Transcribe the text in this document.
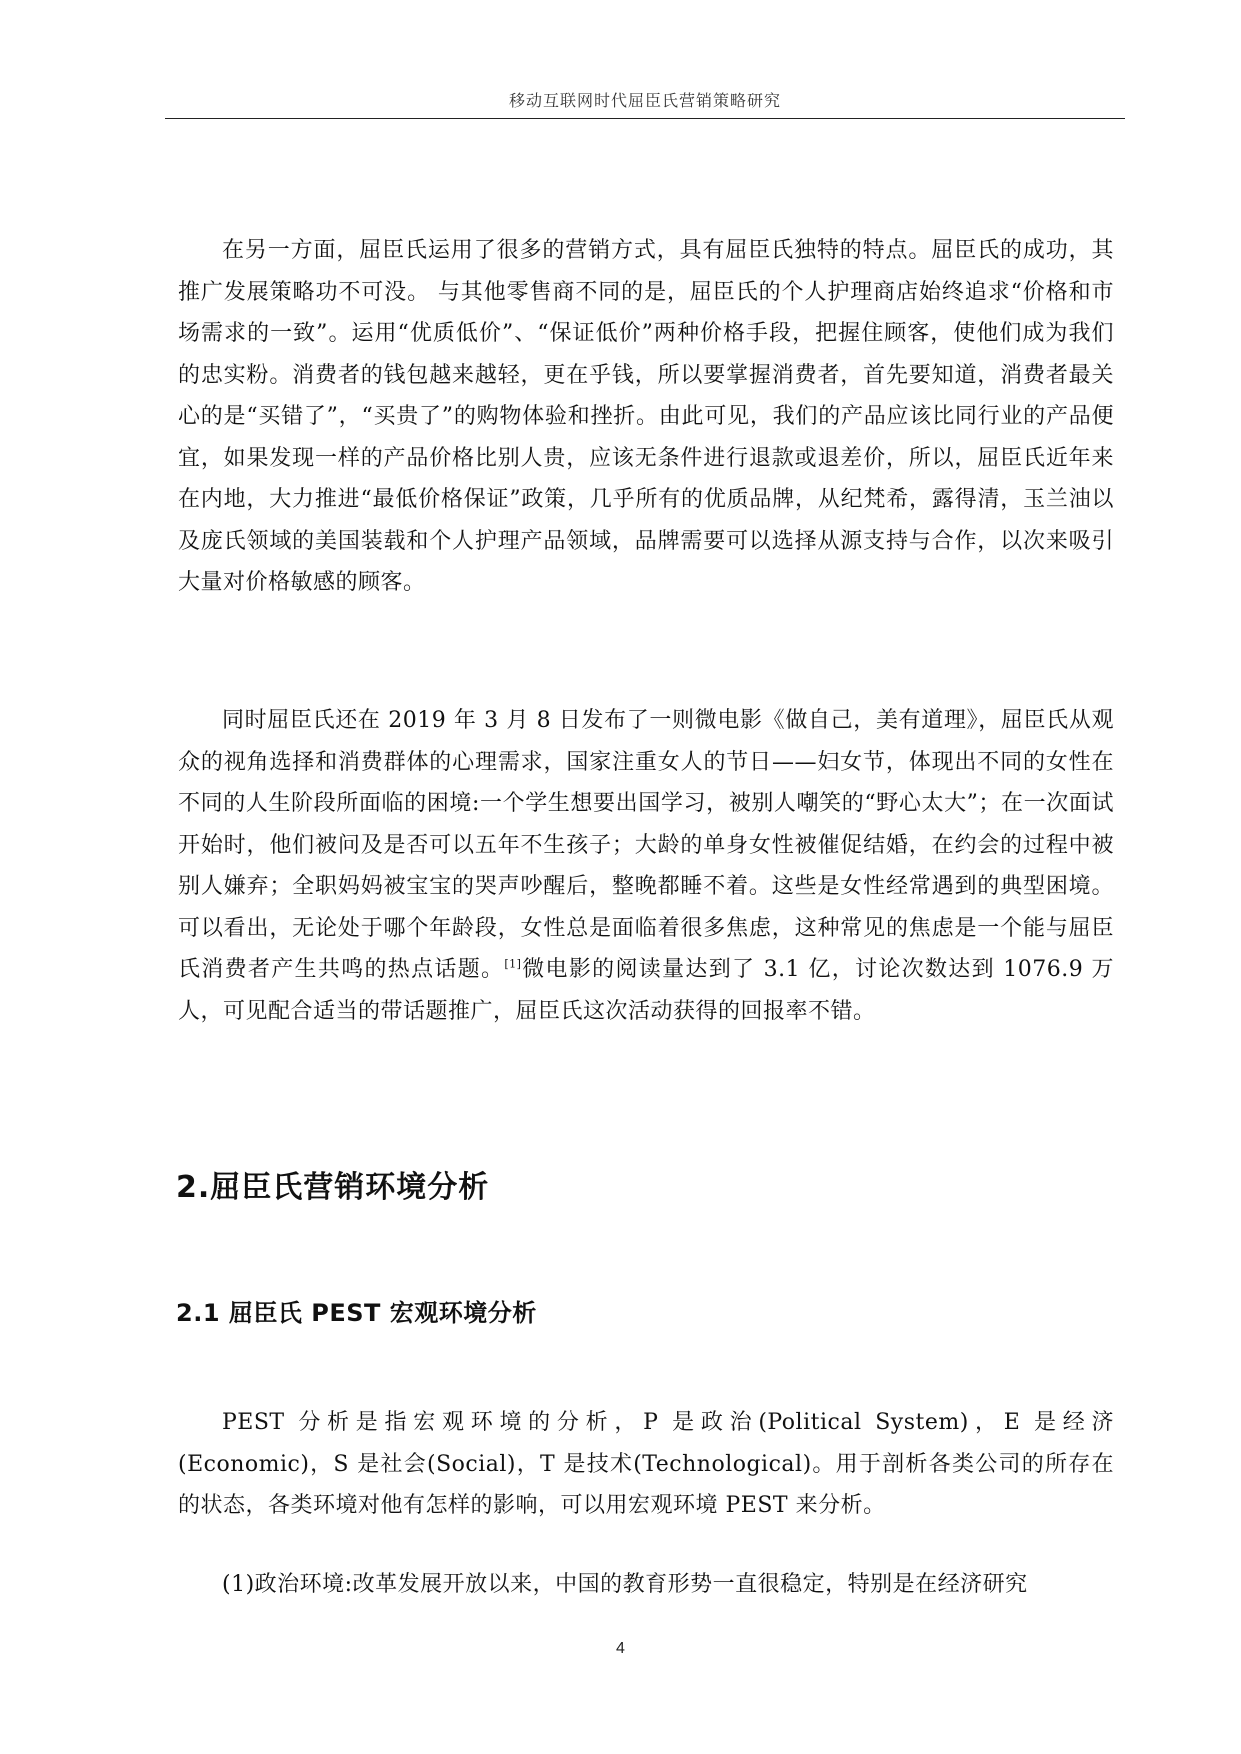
移动互联网时代屈臣氏营销策略研究

在另一方面，屈臣氏运用了很多的营销方式，具有屈臣氏独特的特点。屈臣氏的成功，其推广发展策略功不可没。 与其他零售商不同的是，屈臣氏的个人护理商店始终追求“价格和市场需求的一致”。运用“优质低价”、“保证低价”两种价格手段，把握住顾客，使他们成为我们的忠实粉。消费者的钱包越来越轻，更在乎钱，所以要掌握消费者，首先要知道，消费者最关心的是“买错了”，“买贵了”的购物体验和挫折。由此可见，我们的产品应该比同行业的产品便宜，如果发现一样的产品价格比别人贵，应该无条件进行退款或退差价，所以，屈臣氏近年来在内地，大力推进“最低价格保证”政策，几乎所有的优质品牌，从纪梵希，露得清，玉兰油以及庞氏领域的美国装载和个人护理产品领域，品牌需要可以选择从源支持与合作，以次来吸引大量对价格敏感的顾客。

同时屈臣氏还在 2019 年 3 月 8 日发布了一则微电影《做自己，美有道理》，屈臣氏从观众的视角选择和消费群体的心理需求，国家注重女人的节日——妇女节，体现出不同的女性在不同的人生阶段所面临的困境:一个学生想要出国学习，被别人嘲笑的“野心太大”；在一次面试开始时，他们被问及是否可以五年不生孩子；大龄的单身女性被催促结婚，在约会的过程中被别人嫌弃；全职妈妈被宝宝的哭声吵醒后，整晚都睡不着。这些是女性经常遇到的典型困境。可以看出，无论处于哪个年龄段，女性总是面临着很多焦虑，这种常见的焦虑是一个能与屈臣氏消费者产生共鸣的热点话题。[1]微电影的阅读量达到了 3.1 亿，讨论次数达到 1076.9 万人，可见配合适当的带话题推广，屈臣氏这次活动获得的回报率不错。

2.屈臣氏营销环境分析
2.1 屈臣氏 PEST 宏观环境分析

PEST 分析是指宏观环境的分析，P 是政治(Political System)，E 是经济(Economic)，S 是社会(Social)，T 是技术(Technological)。用于剖析各类公司的所存在的状态，各类环境对他有怎样的影响，可以用宏观环境 PEST 来分析。

(1)政治环境:改革发展开放以来，中国的教育形势一直很稳定，特别是在经济研究

4
